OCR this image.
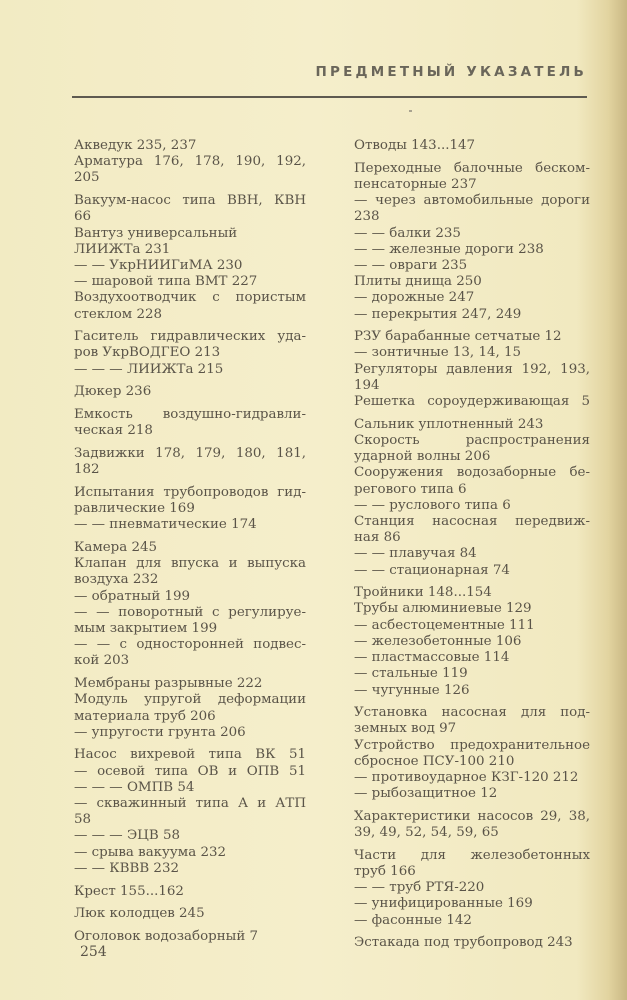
ПРЕДМЕТНЫЙ УКАЗАТЕЛЬ
Акведук 235, 237
Арматура 176, 178, 190, 192,
205
Вакуум-насос типа ВВН, КВН
66
Вантуз универсальный
ЛИИЖТа 231
— — УкрНИИГиМА 230
— шаровой типа ВМТ 227
Воздухоотводчик с пористым
стеклом 228
Гаситель гидравлических уда-
ров УкрВОДГЕО 213
— — — ЛИИЖТа 215
Дюкер 236
Емкость воздушно-гидравли-
ческая 218
Задвижки 178, 179, 180, 181,
182
Испытания трубопроводов гид-
равлические 169
— — пневматические 174
Камера 245
Клапан для впуска и выпуска
воздуха 232
— обратный 199
— — поворотный с регулируе-
мым закрытием 199
— — с односторонней подвес-
кой 203
Мембраны разрывные 222
Модуль упругой деформации
материала труб 206
— упругости грунта 206
Насос вихревой типа ВК 51
— осевой типа ОВ и ОПВ 51
— — — ОМПВ 54
— скважинный типа А и АТП
58
— — — ЭЦВ 58
— срыва вакуума 232
— — КВВВ 232
Крест 155...162
Люк колодцев 245
Оголовок водозаборный 7
Отводы 143...147
Переходные балочные беском-
пенсаторные 237
— через автомобильные дороги
238
— — балки 235
— — железные дороги 238
— — овраги 235
Плиты днища 250
— дорожные 247
— перекрытия 247, 249
РЗУ барабанные сетчатые 12
— зонтичные 13, 14, 15
Регуляторы давления 192, 193,
194
Решетка сороудерживающая 5
Сальник уплотненный 243
Скорость распространения
ударной волны 206
Сооружения водозаборные бе-
регового типа 6
— — руслового типа 6
Станция насосная передвиж-
ная 86
— — плавучая 84
— — стационарная 74
Тройники 148...154
Трубы алюминиевые 129
— асбестоцементные 111
— железобетонные 106
— пластмассовые 114
— стальные 119
— чугунные 126
Установка насосная для под-
земных вод 97
Устройство предохранительное
сбросное ПСУ-100 210
— противоударное КЗГ-120 212
— рыбозащитное 12
Характеристики насосов 29, 38,
39, 49, 52, 54, 59, 65
Части для железобетонных
труб 166
— — труб РТЯ-220
— унифицированные 169
— фасонные 142
Эстакада под трубопровод 243
254
